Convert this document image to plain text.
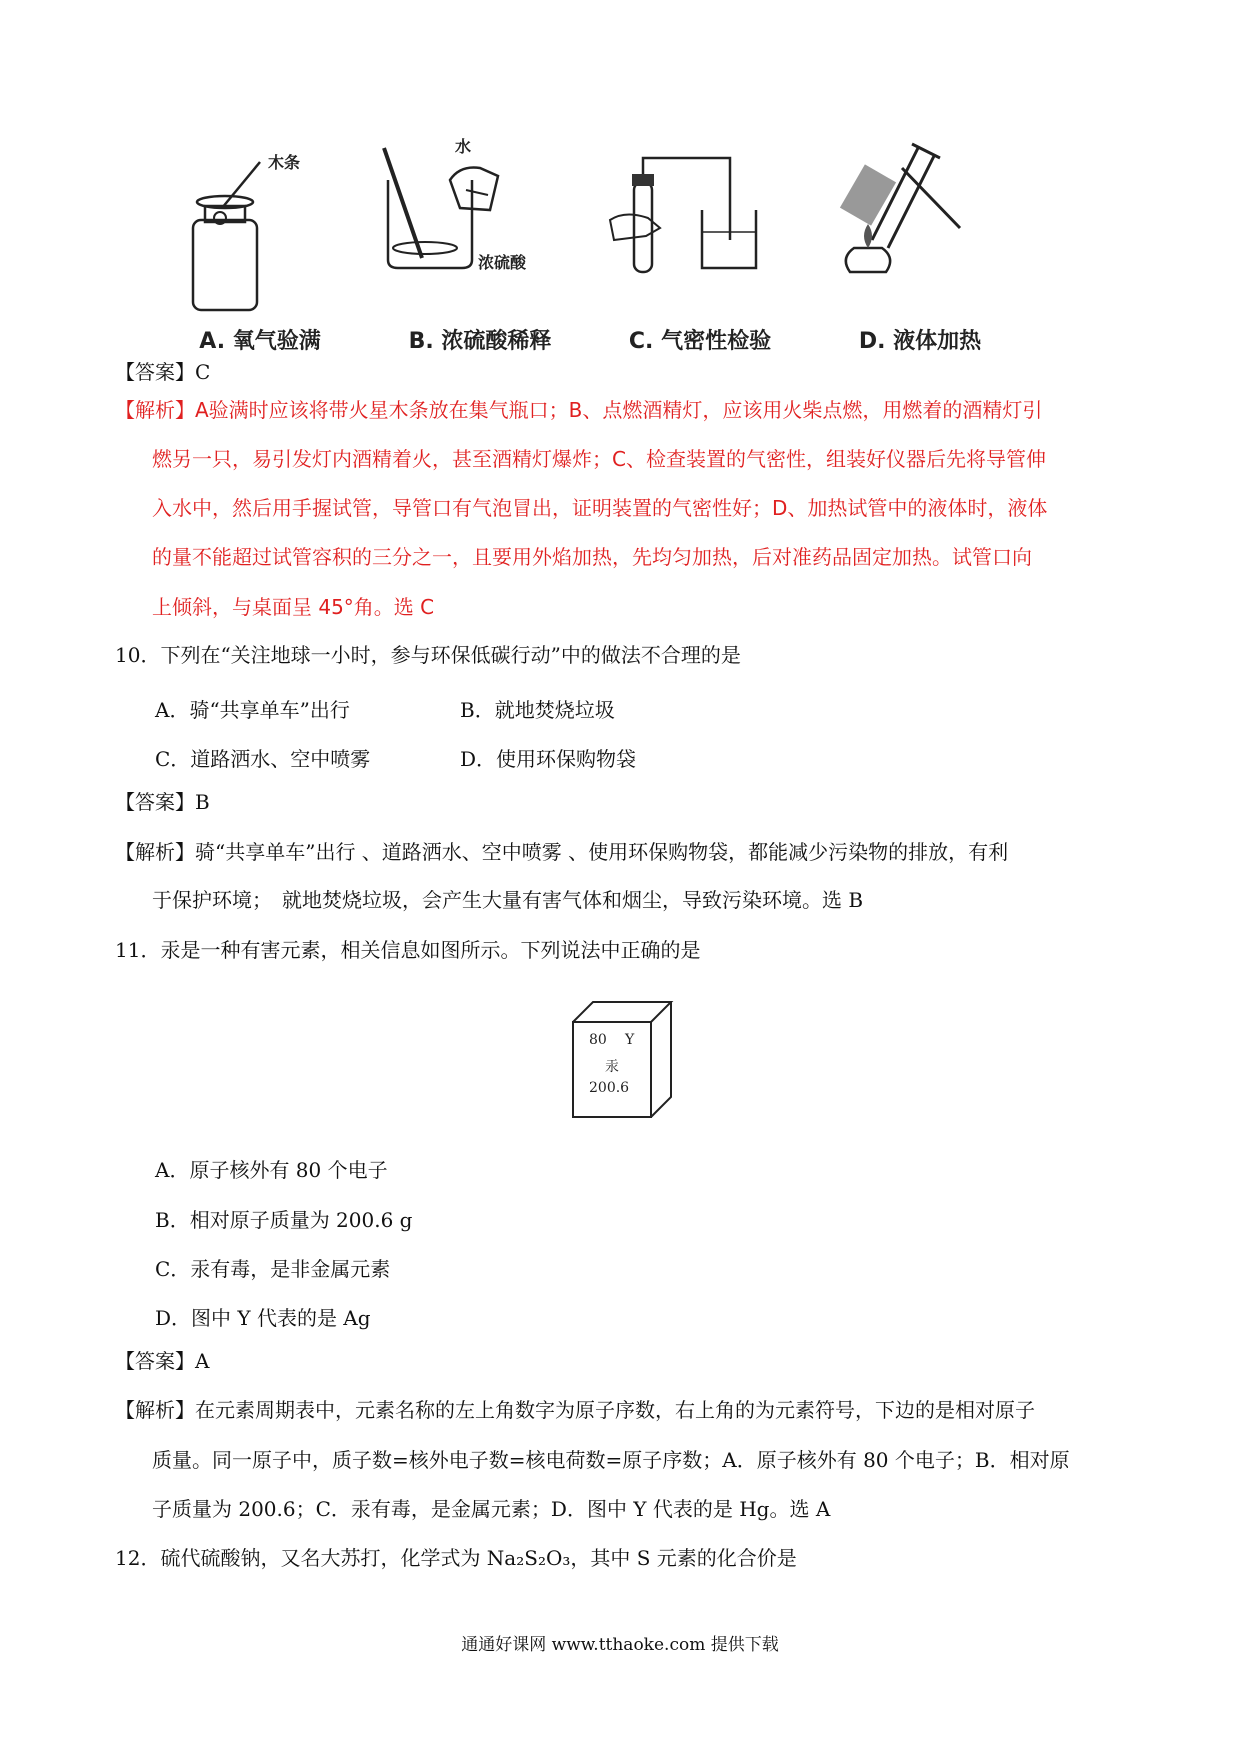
木条
A. 氧气验满
水
浓硫酸
B. 浓硫酸稀释	C. 气密性检验	D. 液体加热
【答案】C
【解析】A验满时应该将带火星木条放在集气瓶口；B、点燃酒精灯，应该用火柴点燃，用燃着的酒精灯引
燃另一只，易引发灯内酒精着火，甚至酒精灯爆炸；C、检查装置的气密性，组装好仪器后先将导管伸
入水中，然后用手握试管，导管口有气泡冒出，证明装置的气密性好；D、加热试管中的液体时，液体
的量不能超过试管容积的三分之一，且要用外焰加热，先均匀加热，后对准药品固定加热。试管口向
上倾斜，与桌面呈 45°角。选 C
10．下列在“关注地球一小时，参与环保低碳行动”中的做法不合理的是
A．骑“共享单车”出行	B．就地焚烧垃圾
C．道路洒水、空中喷雾	D．使用环保购物袋
【答案】B
【解析】骑“共享单车”出行 、道路洒水、空中喷雾 、使用环保购物袋，都能减少污染物的排放，有利
于保护环境；　就地焚烧垃圾，会产生大量有害气体和烟尘，导致污染环境。选 B
11．汞是一种有害元素，相关信息如图所示。下列说法中正确的是
80 Y
汞
200.6
A．原子核外有 80 个电子
B．相对原子质量为 200.6 g
C．汞有毒，是非金属元素
D．图中 Y 代表的是 Ag
【答案】A
【解析】在元素周期表中，元素名称的左上角数字为原子序数，右上角的为元素符号，下边的是相对原子
质量。同一原子中，质子数=核外电子数=核电荷数=原子序数；A．原子核外有 80 个电子；B．相对原
子质量为 200.6；C．汞有毒，是金属元素；D．图中 Y 代表的是 Hg。选 A
12．硫代硫酸钠，又名大苏打，化学式为 Na₂S₂O₃，其中 S 元素的化合价是
通通好课网 www.tthaoke.com 提供下载
